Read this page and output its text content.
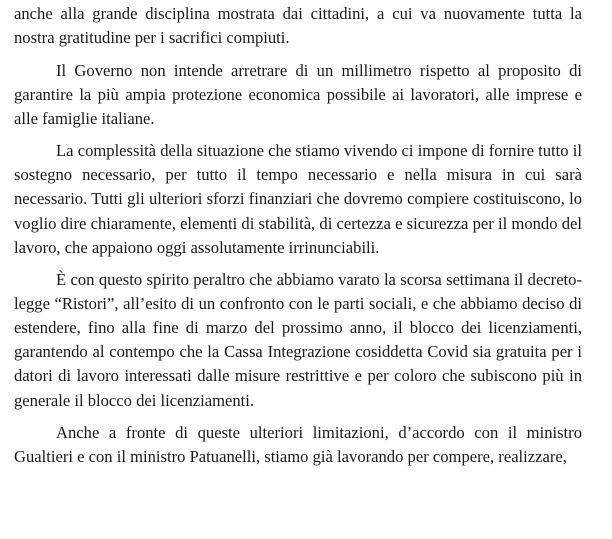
anche alla grande disciplina mostrata dai cittadini, a cui va nuovamente tutta la nostra gratitudine per i sacrifici compiuti.

Il Governo non intende arretrare di un millimetro rispetto al proposito di garantire la più ampia protezione economica possibile ai lavoratori, alle imprese e alle famiglie italiane.

La complessità della situazione che stiamo vivendo ci impone di fornire tutto il sostegno necessario, per tutto il tempo necessario e nella misura in cui sarà necessario. Tutti gli ulteriori sforzi finanziari che dovremo compiere costituiscono, lo voglio dire chiaramente, elementi di stabilità, di certezza e sicurezza per il mondo del lavoro, che appaiono oggi assolutamente irrinunciabili.

È con questo spirito peraltro che abbiamo varato la scorsa settimana il decreto-legge “Ristori”, all’esito di un confronto con le parti sociali, e che abbiamo deciso di estendere, fino alla fine di marzo del prossimo anno, il blocco dei licenziamenti, garantendo al contempo che la Cassa Integrazione cosiddetta Covid sia gratuita per i datori di lavoro interessati dalle misure restrittive e per coloro che subiscono più in generale il blocco dei licenziamenti.

Anche a fronte di queste ulteriori limitazioni, d’accordo con il ministro Gualtieri e con il ministro Patuanelli, stiamo già lavorando per compere, realizzare,
